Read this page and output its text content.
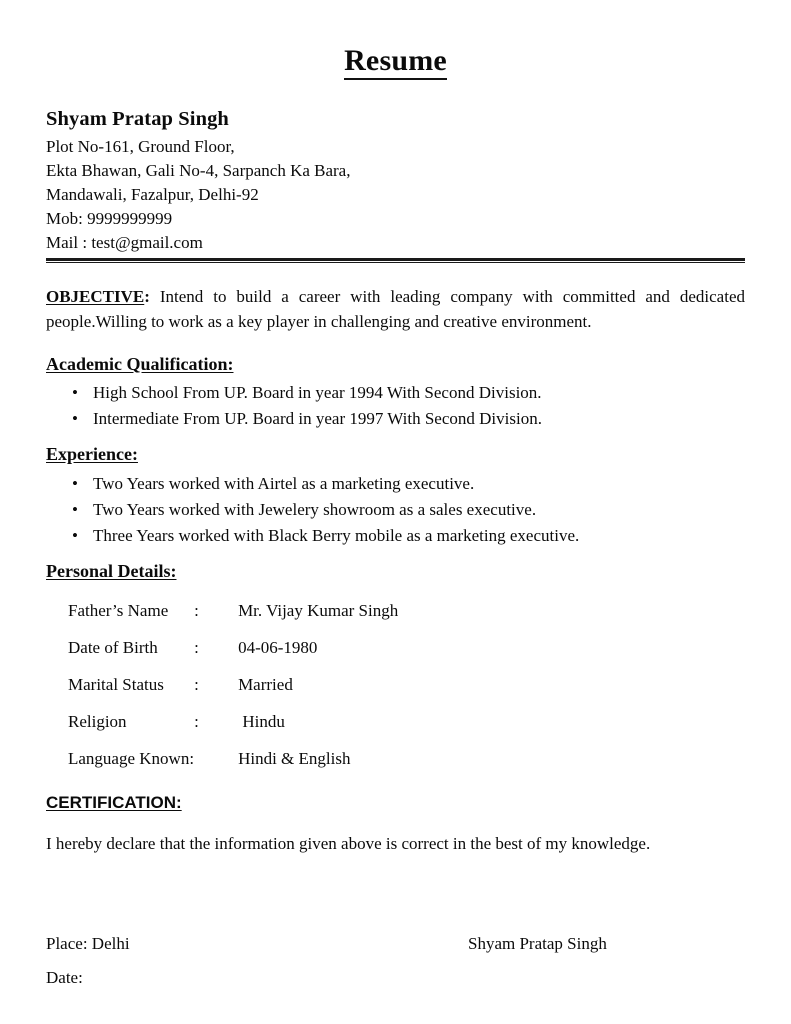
Resume
Shyam Pratap Singh

Plot No-161, Ground Floor,

Ekta Bhawan, Gali No-4, Sarpanch Ka Bara,

Mandawali, Fazalpur, Delhi-92

Mob: 9999999999

Mail : test@gmail.com

OBJECTIVE: Intend to build a career with leading company with committed and dedicated people.Willing to work as a key player in challenging and creative environment.

Academic Qualification:
• High School From UP. Board in year 1994 With Second Division.
• Intermediate From UP. Board in year 1997 With Second Division.
Experience:
• Two Years worked with Airtel as a marketing executive.
• Two Years worked with Jewelery showroom as a sales executive.
• Three Years worked with Black Berry mobile as a marketing executive.
Personal Details:
Father’s Name	:	Mr. Vijay Kumar Singh
Date of Birth	:	04-06-1980
Marital Status	:	Married
Religion	:	Hindu
Language Known:		Hindi & English
CERTIFICATION:

I hereby declare that the information given above is correct in the best of my knowledge.

Place: Delhi	Shyam Pratap Singh
Date:
